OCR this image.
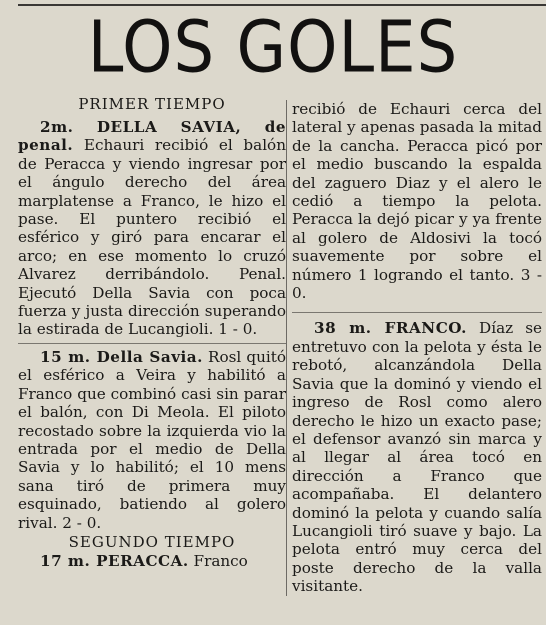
LOS GOLES

PRIMER TIEMPO

2m. DELLA SAVIA, de penal. Echauri recibió el balón de Peracca y viendo ingresar por el ángulo derecho del área marplatense a Franco, le hizo el pase. El puntero recibió el esférico y giró para encarar el arco; en ese momento lo cruzó Alvarez derribándolo. Penal. Ejecutó Della Savia con poca fuerza y justa dirección superando la estirada de Lucangioli. 1 - 0.

15 m. Della Savia. Rosl quitó el esférico a Veira y habilitó a Franco que combinó casi sin parar el balón, con Di Meola. El piloto recostado sobre la izquierda vio la entrada por el medio de Della Savia y lo habilitó; el 10 mens sana tiró de primera muy esquinado, batiendo al golero rival. 2 - 0.

SEGUNDO TIEMPO

17 m. PERACCA. Franco

recibió de Echauri cerca del lateral y apenas pasada la mitad de la cancha. Peracca picó por el medio buscando la espalda del zaguero Diaz y el alero le cedió a tiempo la pelota. Peracca la dejó picar y ya frente al golero de Aldosivi la tocó suavemente por sobre el número 1 logrando el tanto. 3 - 0.

38 m. FRANCO. Díaz se entretuvo con la pelota y ésta le rebotó, alcanzándola Della Savia que la dominó y viendo el ingreso de Rosl como alero derecho le hizo un exacto pase; el defensor avanzó sin marca y al llegar al área tocó en dirección a Franco que acompañaba. El delantero dominó la pelota y cuando salía Lucangioli tiró suave y bajo. La pelota entró muy cerca del poste derecho de la valla visitante.
